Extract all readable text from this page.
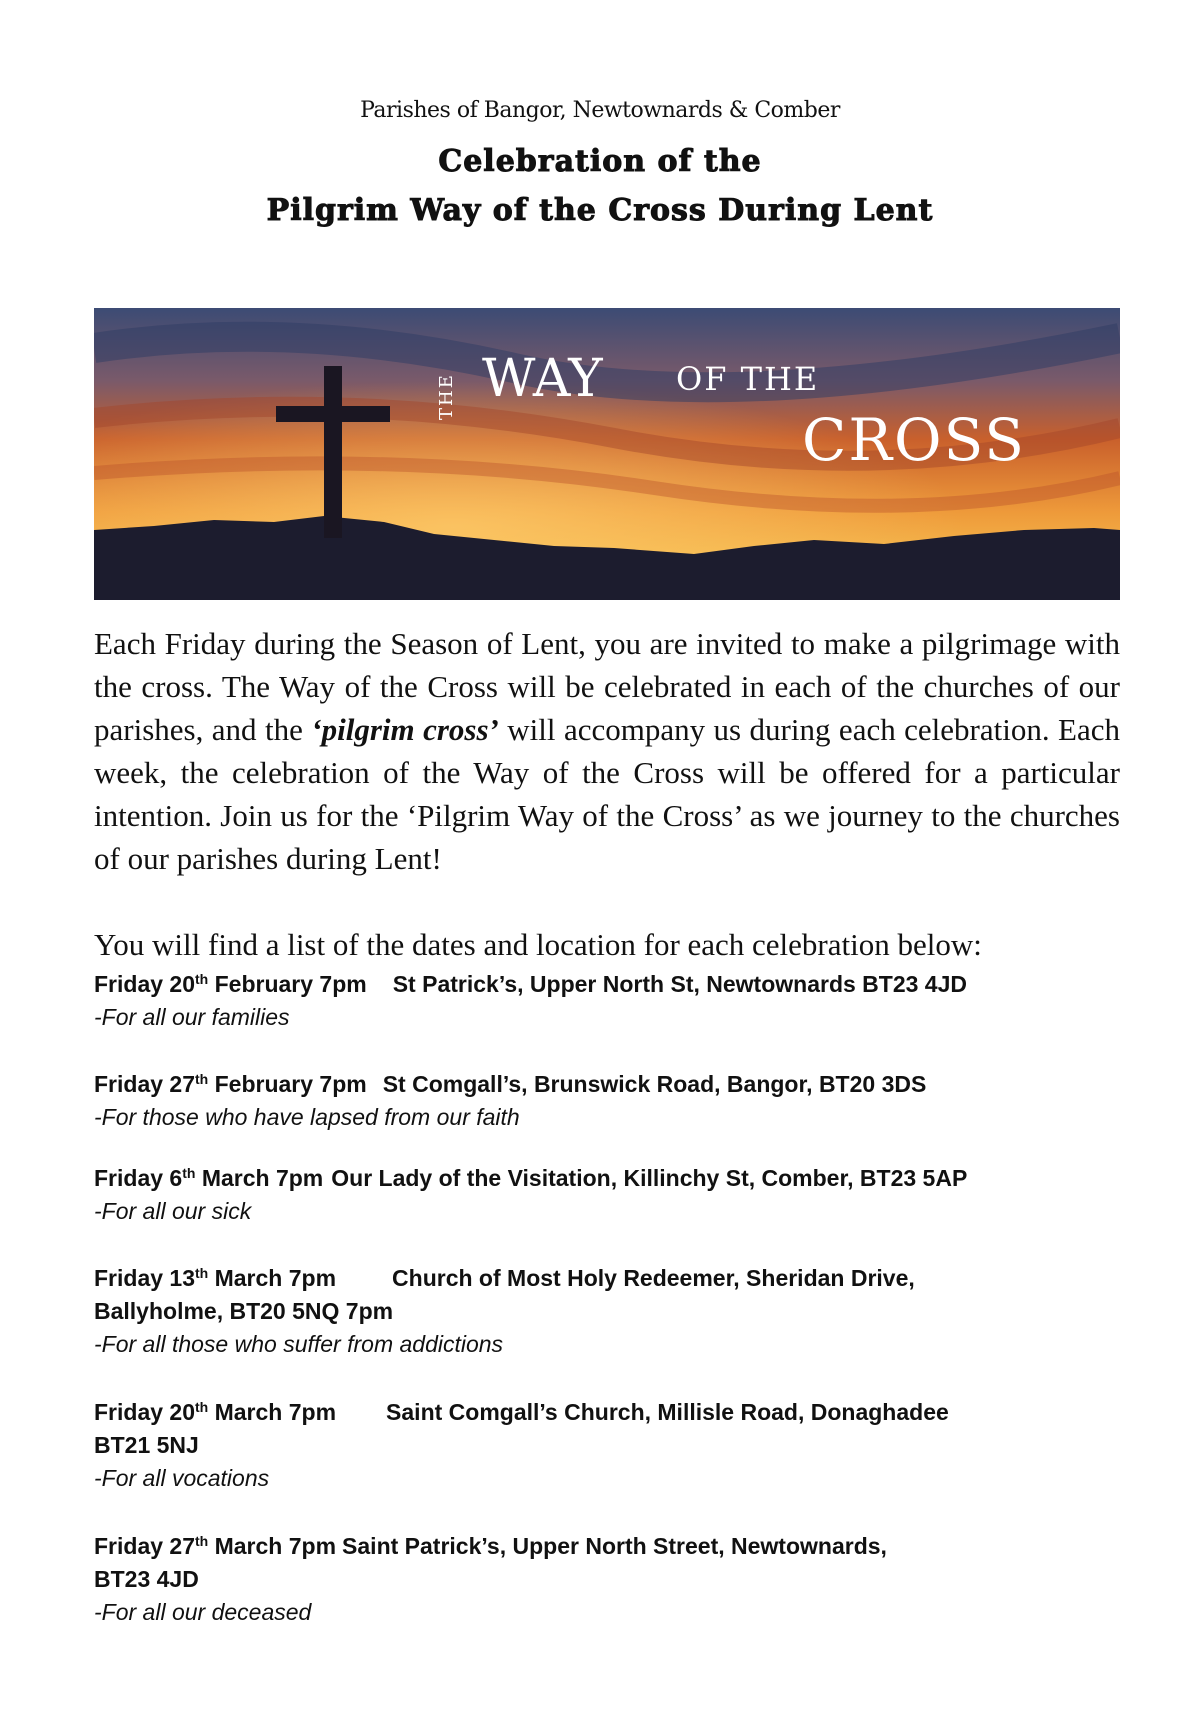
Parishes of Bangor, Newtownards & Comber
Celebration of the
Pilgrim Way of the Cross During Lent
THE WAY OF THE
CROSS
Each Friday during the Season of Lent, you are invited to make a pilgrimage with the cross. The Way of the Cross will be celebrated in each of the churches of our parishes, and the ‘pilgrim cross’ will accompany us during each celebration. Each week, the celebration of the Way of the Cross will be offered for a particular intention. Join us for the ‘Pilgrim Way of the Cross’ as we journey to the churches of our parishes during Lent!
You will find a list of the dates and location for each celebration below:
Friday 20th February 7pm St Patrick’s, Upper North St, Newtownards BT23 4JD
-For all our families
Friday 27th February 7pm St Comgall’s, Brunswick Road, Bangor, BT20 3DS
-For those who have lapsed from our faith
Friday 6th March 7pm Our Lady of the Visitation, Killinchy St, Comber, BT23 5AP
-For all our sick
Friday 13th March 7pm Church of Most Holy Redeemer, Sheridan Drive,
Ballyholme, BT20 5NQ 7pm
-For all those who suffer from addictions
Friday 20th March 7pm Saint Comgall’s Church, Millisle Road, Donaghadee
BT21 5NJ
-For all vocations
Friday 27th March 7pm Saint Patrick’s, Upper North Street, Newtownards,
BT23 4JD
-For all our deceased
